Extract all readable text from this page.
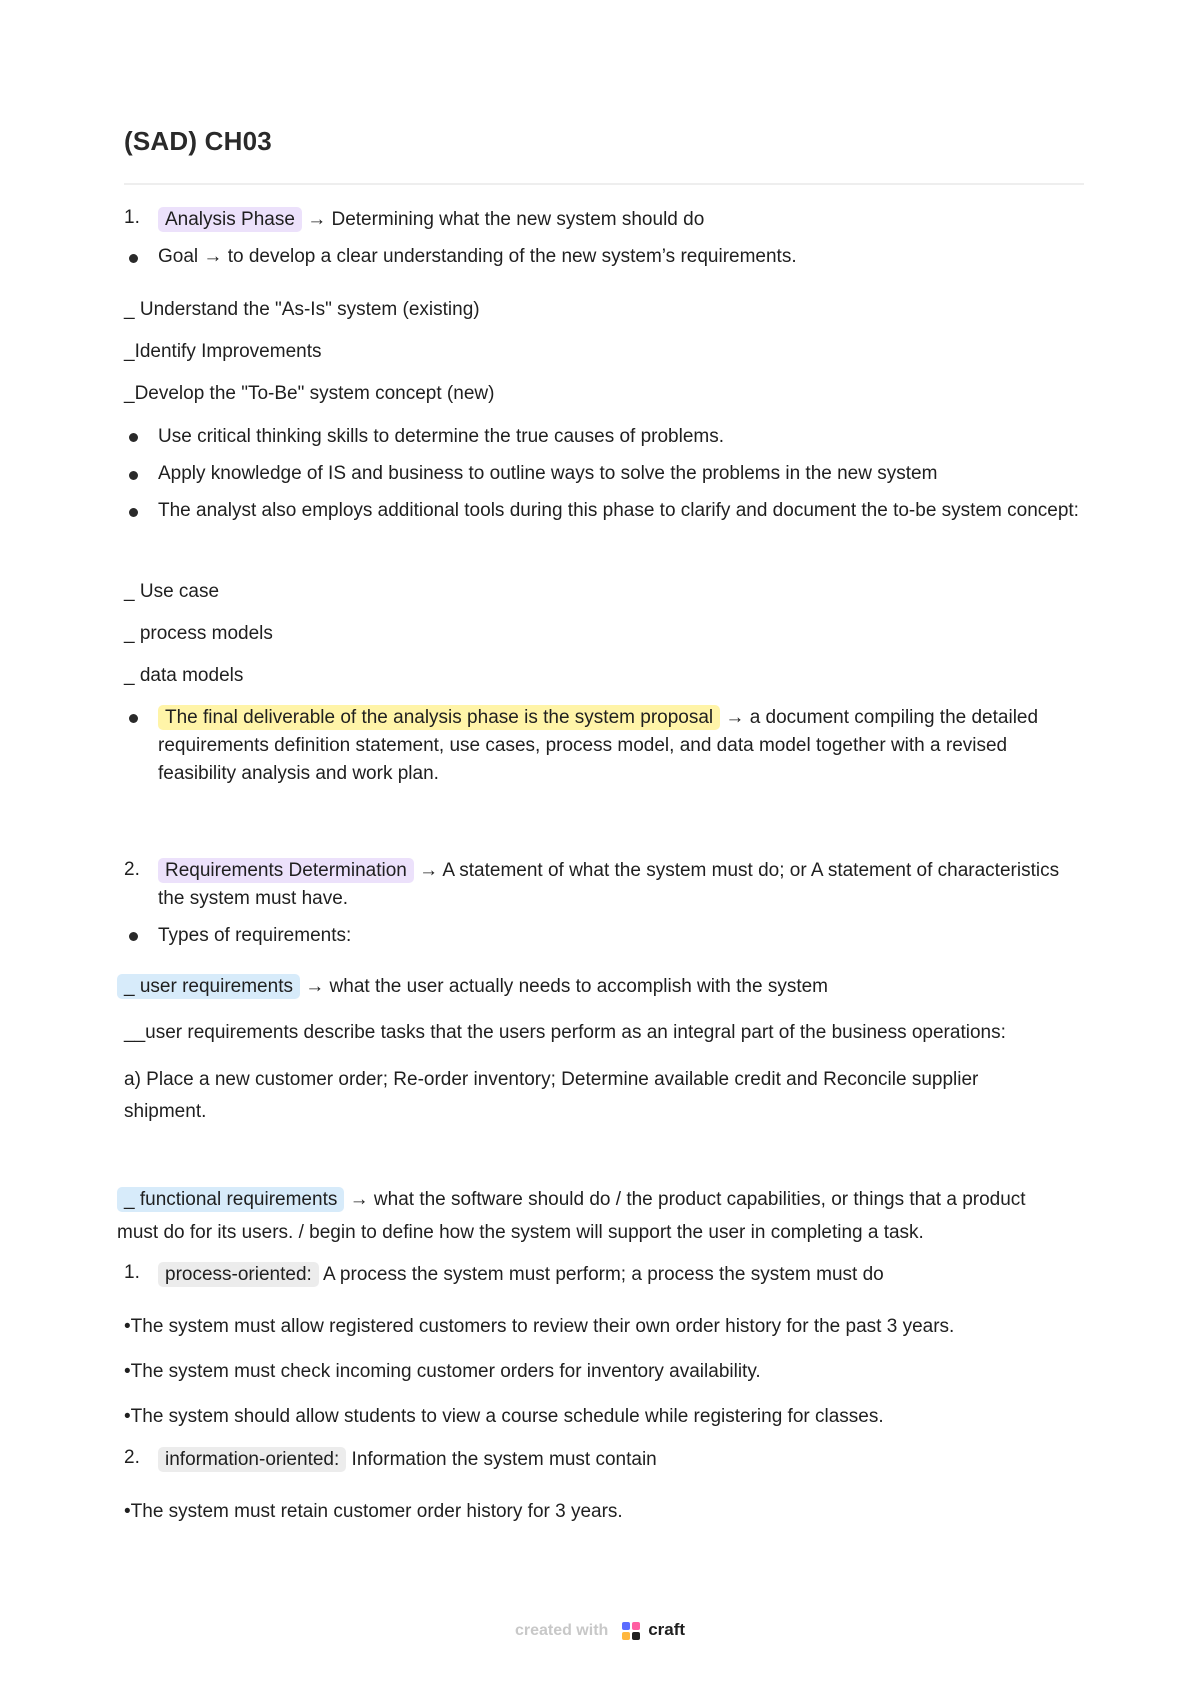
(SAD) CH03
1.	Analysis Phase → Determining what the new system should do
Goal → to develop a clear understanding of the new system’s requirements.
_ Understand the "As-Is" system (existing)
_Identify Improvements
_Develop the "To-Be" system concept (new)
Use critical thinking skills to determine the true causes of problems.
Apply knowledge of IS and business to outline ways to solve the problems in the new system
The analyst also employs additional tools during this phase to clarify and document the to-be system concept:
_ Use case
_ process models
_ data models
The final deliverable of the analysis phase is the system proposal → a document compiling the detailed requirements definition statement, use cases, process model, and data model together with a revised feasibility analysis and work plan.
2.	Requirements Determination → A statement of what the system must do; or A statement of characteristics the system must have.
Types of requirements:
_ user requirements → what the user actually needs to accomplish with the system
__user requirements describe tasks that the users perform as an integral part of the business operations:
a) Place a new customer order; Re-order inventory; Determine available credit and Reconcile supplier shipment.
_ functional requirements → what the software should do / the product capabilities, or things that a product must do for its users. / begin to define how the system will support the user in completing a task.
1.	process-oriented: A process the system must perform; a process the system must do
•The system must allow registered customers to review their own order history for the past 3 years.
•The system must check incoming customer orders for inventory availability.
•The system should allow students to view a course schedule while registering for classes.
2.	information-oriented: Information the system must contain
•The system must retain customer order history for 3 years.
created with craft
